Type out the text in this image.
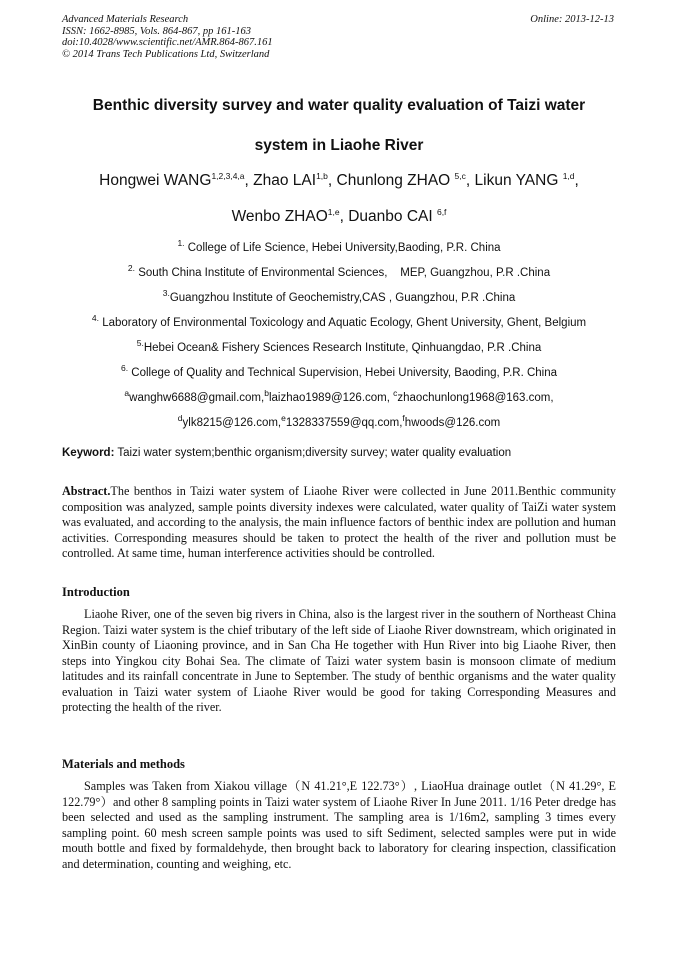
Advanced Materials Research
ISSN: 1662-8985, Vols. 864-867, pp 161-163
doi:10.4028/www.scientific.net/AMR.864-867.161
© 2014 Trans Tech Publications Ltd, Switzerland
Online: 2013-12-13
Benthic diversity survey and water quality evaluation of Taizi water
system in Liaohe River
Hongwei WANG$^{1,2,3,4,a}$, Zhao LAI$^{1,b}$, Chunlong ZHAO $^{5,c}$, Likun YANG $^{1,d}$,
Wenbo ZHAO$^{1,e}$, Duanbo CAI $^{6,f}$
$^{1.}$ College of Life Science, Hebei University,Baoding, P.R. China
$^{2.}$ South China Institute of Environmental Sciences,    MEP, Guangzhou, P.R .China
$^{3.}$Guangzhou Institute of Geochemistry,CAS , Guangzhou, P.R .China
$^{4.}$ Laboratory of Environmental Toxicology and Aquatic Ecology, Ghent University, Ghent, Belgium
$^{5.}$Hebei Ocean& Fishery Sciences Research Institute, Qinhuangdao, P.R .China
$^{6.}$ College of Quality and Technical Supervision, Hebei University, Baoding, P.R. China
$^a$wanghw6688@gmail.com,$^b$laizhao1989@126.com, $^c$zhaochunlong1968@163.com,
$^d$ylk8215@126.com,$^e$1328337559@qq.com,$^f$hwoods@126.com
Keyword: Taizi water system;benthic organism;diversity survey; water quality evaluation
Abstract.The benthos in Taizi water system of Liaohe River were collected in June 2011.Benthic community composition was analyzed, sample points diversity indexes were calculated, water quality of TaiZi water system was evaluated, and according to the analysis, the main influence factors of benthic index are pollution and human activities. Corresponding measures should be taken to protect the health of the river and pollution must be controlled. At same time, human interference activities should be controlled.
Introduction
Liaohe River, one of the seven big rivers in China, also is the largest river in the southern of Northeast China Region. Taizi water system is the chief tributary of the left side of Liaohe River downstream, which originated in XinBin county of Liaoning province, and in San Cha He together with Hun River into big Liaohe River, then steps into Yingkou city Bohai Sea. The climate of Taizi water system basin is monsoon climate of medium latitudes and its rainfall concentrate in June to September. The study of benthic organisms and the water quality evaluation in Taizi water system of Liaohe River would be good for taking Corresponding Measures and protecting the health of the river.
Materials and methods
Samples was Taken from Xiakou village（N 41.21°,E 122.73°）, LiaoHua drainage outlet（N 41.29°, E 122.79°）and other 8 sampling points in Taizi water system of Liaohe River In June 2011. 1/16 Peter dredge has been selected and used as the sampling instrument. The sampling area is 1/16m2, sampling 3 times every sampling point. 60 mesh screen sample points was used to sift Sediment, selected samples were put in wide mouth bottle and fixed by formaldehyde, then brought back to laboratory for clearing inspection, classification and determination, counting and weighing, etc.
